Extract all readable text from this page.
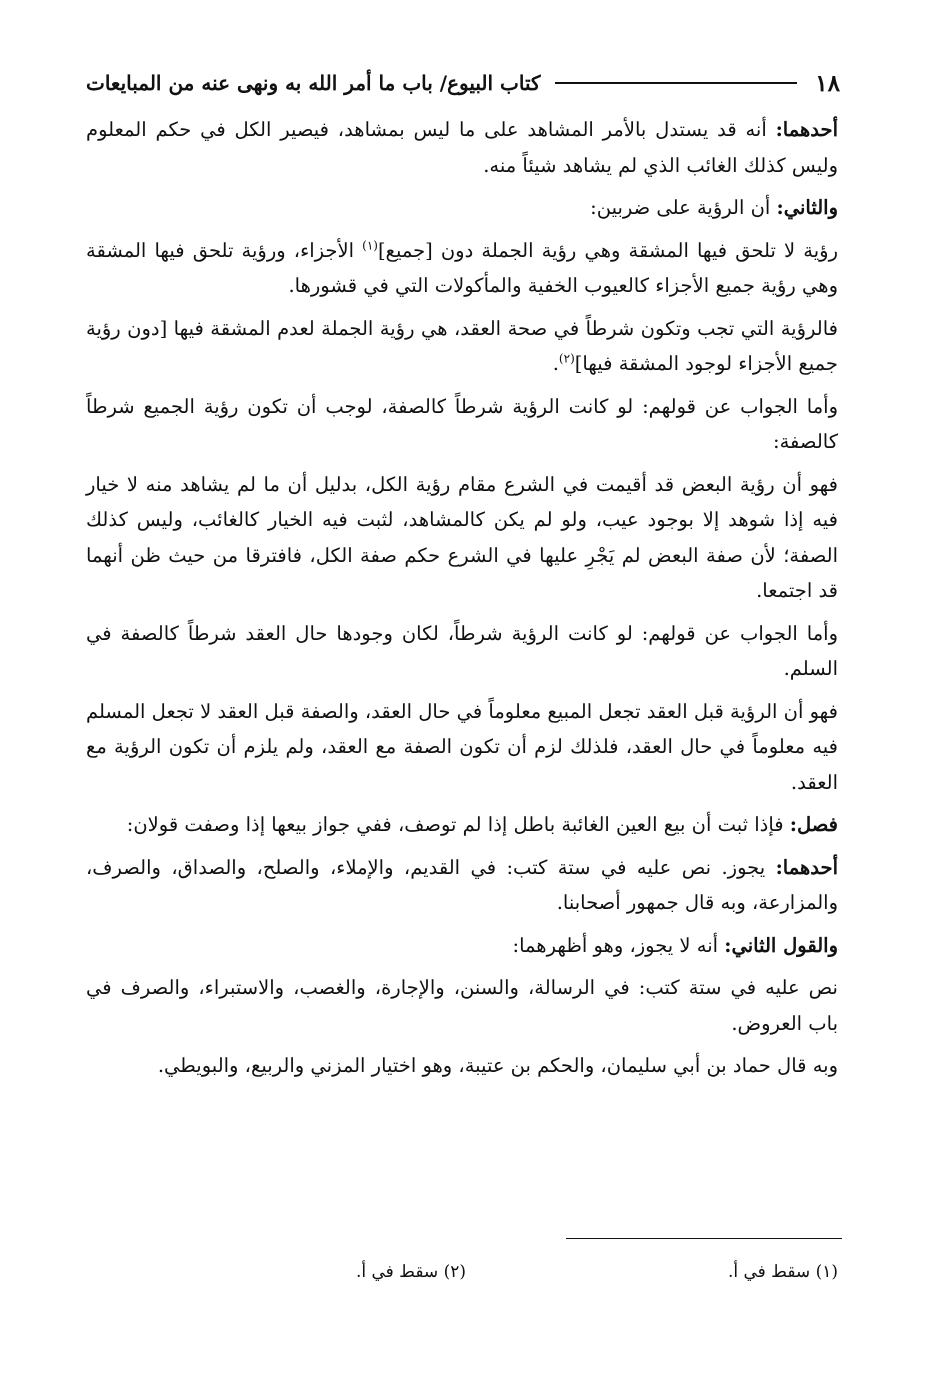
١٨
كتاب البيوع/ باب ما أمر الله به ونهى عنه من المبايعات

أحدهما: أنه قد يستدل بالأمر المشاهد على ما ليس بمشاهد، فيصير الكل في حكم المعلوم وليس كذلك الغائب الذي لم يشاهد شيئاً منه.

والثاني: أن الرؤية على ضربين:

رؤية لا تلحق فيها المشقة وهي رؤية الجملة دون [جميع]$^{(١)}$ الأجزاء، ورؤية تلحق فيها المشقة وهي رؤية جميع الأجزاء كالعيوب الخفية والمأكولات التي في قشورها.

فالرؤية التي تجب وتكون شرطاً في صحة العقد، هي رؤية الجملة لعدم المشقة فيها [دون رؤية جميع الأجزاء لوجود المشقة فيها]$^{(٢)}$.

وأما الجواب عن قولهم: لو كانت الرؤية شرطاً كالصفة، لوجب أن تكون رؤية الجميع شرطاً كالصفة:

فهو أن رؤية البعض قد أقيمت في الشرع مقام رؤية الكل، بدليل أن ما لم يشاهد منه لا خيار فيه إذا شوهد إلا بوجود عيب، ولو لم يكن كالمشاهد، لثبت فيه الخيار كالغائب، وليس كذلك الصفة؛ لأن صفة البعض لم يَجْرِ عليها في الشرع حكم صفة الكل، فافترقا من حيث ظن أنهما قد اجتمعا.

وأما الجواب عن قولهم: لو كانت الرؤية شرطاً، لكان وجودها حال العقد شرطاً كالصفة في السلم.

فهو أن الرؤية قبل العقد تجعل المبيع معلوماً في حال العقد، والصفة قبل العقد لا تجعل المسلم فيه معلوماً في حال العقد، فلذلك لزم أن تكون الصفة مع العقد، ولم يلزم أن تكون الرؤية مع العقد.

فصل: فإذا ثبت أن بيع العين الغائبة باطل إذا لم توصف، ففي جواز بيعها إذا وصفت قولان:

أحدهما: يجوز. نص عليه في ستة كتب: في القديم، والإملاء، والصلح، والصداق، والصرف، والمزارعة، وبه قال جمهور أصحابنا.

والقول الثاني: أنه لا يجوز، وهو أظهرهما:

نص عليه في ستة كتب: في الرسالة، والسنن، والإجارة، والغصب، والاستبراء، والصرف في باب العروض.

وبه قال حماد بن أبي سليمان، والحكم بن عتيبة، وهو اختيار المزني والربيع، والبويطي.

(١) سقط في أ.
(٢) سقط في أ.
